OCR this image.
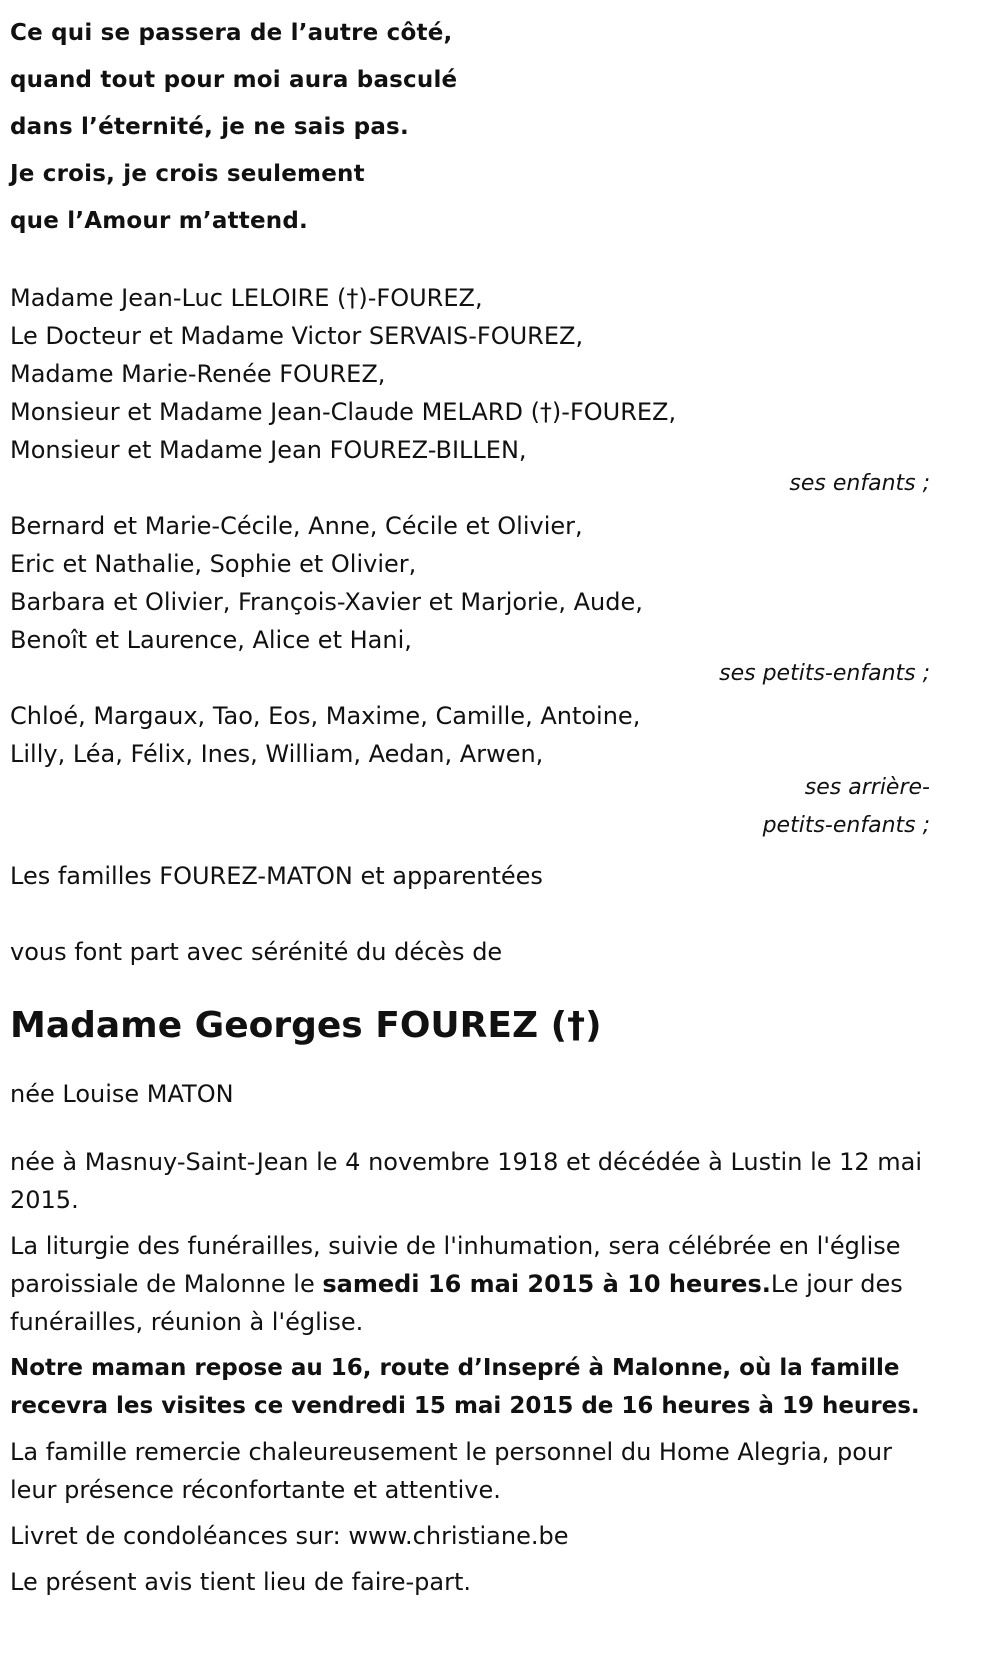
Ce qui se passera de l’autre côté,
quand tout pour moi aura basculé
dans l’éternité, je ne sais pas.
Je crois, je crois seulement
que l’Amour m’attend.
Madame Jean-Luc LELOIRE (†)-FOUREZ,
Le Docteur et Madame Victor SERVAIS-FOUREZ,
Madame Marie-Renée FOUREZ,
Monsieur et Madame Jean-Claude MELARD (†)-FOUREZ,
Monsieur et Madame Jean FOUREZ-BILLEN,
ses enfants ;
Bernard et Marie-Cécile, Anne, Cécile et Olivier,
Eric et Nathalie, Sophie et Olivier,
Barbara et Olivier, François-Xavier et Marjorie, Aude,
Benoît et Laurence, Alice et Hani,
ses petits-enfants ;
Chloé, Margaux, Tao, Eos, Maxime, Camille, Antoine,
Lilly, Léa, Félix, Ines, William, Aedan, Arwen,
ses arrière-petits-enfants ;
Les familles FOUREZ-MATON et apparentées
vous font part avec sérénité du décès de
Madame Georges FOUREZ (†)
née Louise MATON
née à Masnuy-Saint-Jean le 4 novembre 1918 et décédée à Lustin le 12 mai 2015.
La liturgie des funérailles, suivie de l'inhumation, sera célébrée en l'église paroissiale de Malonne le samedi 16 mai 2015 à 10 heures.Le jour des funérailles, réunion à l'église.
Notre maman repose au 16, route d’Insepré à Malonne, où la famille recevra les visites ce vendredi 15 mai 2015 de 16 heures à 19 heures.
La famille remercie chaleureusement le personnel du Home Alegria, pour leur présence réconfortante et attentive.
Livret de condoléances sur: www.christiane.be
Le présent avis tient lieu de faire-part.
